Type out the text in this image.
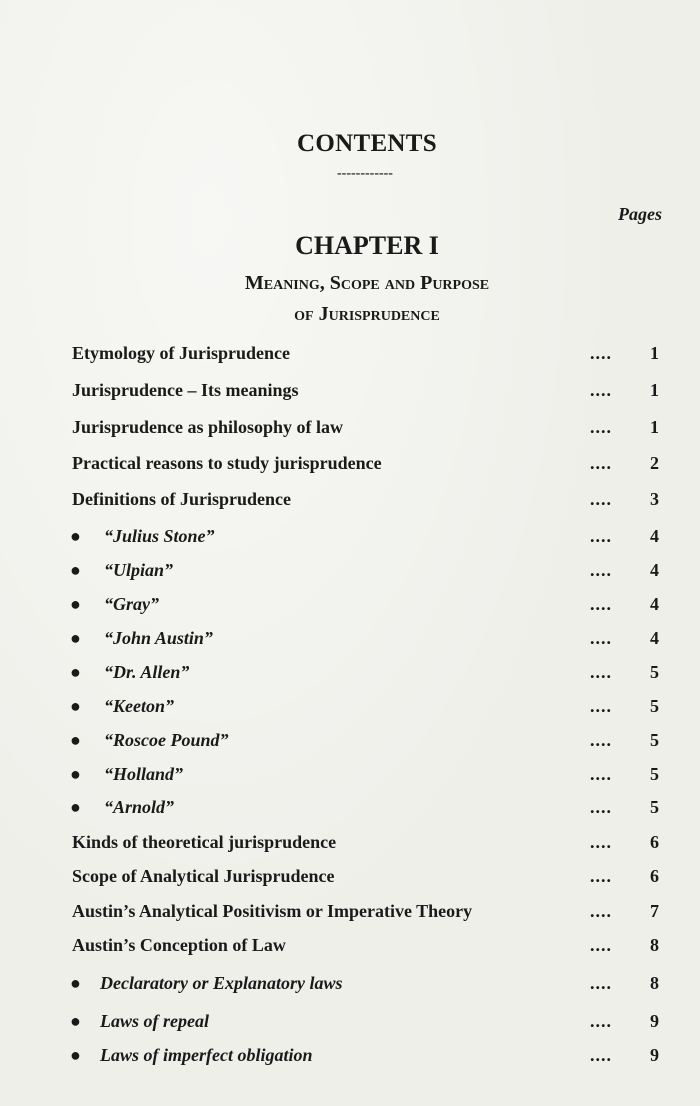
CONTENTS
------------
Pages
CHAPTER I
Meaning, Scope and Purpose
of Jurisprudence
Etymology of Jurisprudence	.... 1
Jurisprudence – Its meanings	.... 1
Jurisprudence as philosophy of law	.... 1
Practical reasons to study jurisprudence	.... 2
Definitions of Jurisprudence	.... 3
● “Julius Stone”	.... 4
● “Ulpian”	.... 4
● “Gray”	.... 4
● “John Austin”	.... 4
● “Dr. Allen”	.... 5
● “Keeton”	.... 5
● “Roscoe Pound”	.... 5
● “Holland”	.... 5
● “Arnold”	.... 5
Kinds of theoretical jurisprudence	.... 6
Scope of Analytical Jurisprudence	.... 6
Austin’s Analytical Positivism or Imperative Theory	.... 7
Austin’s Conception of Law	.... 8
● Declaratory or Explanatory laws	.... 8
● Laws of repeal	.... 9
● Laws of imperfect obligation	.... 9
